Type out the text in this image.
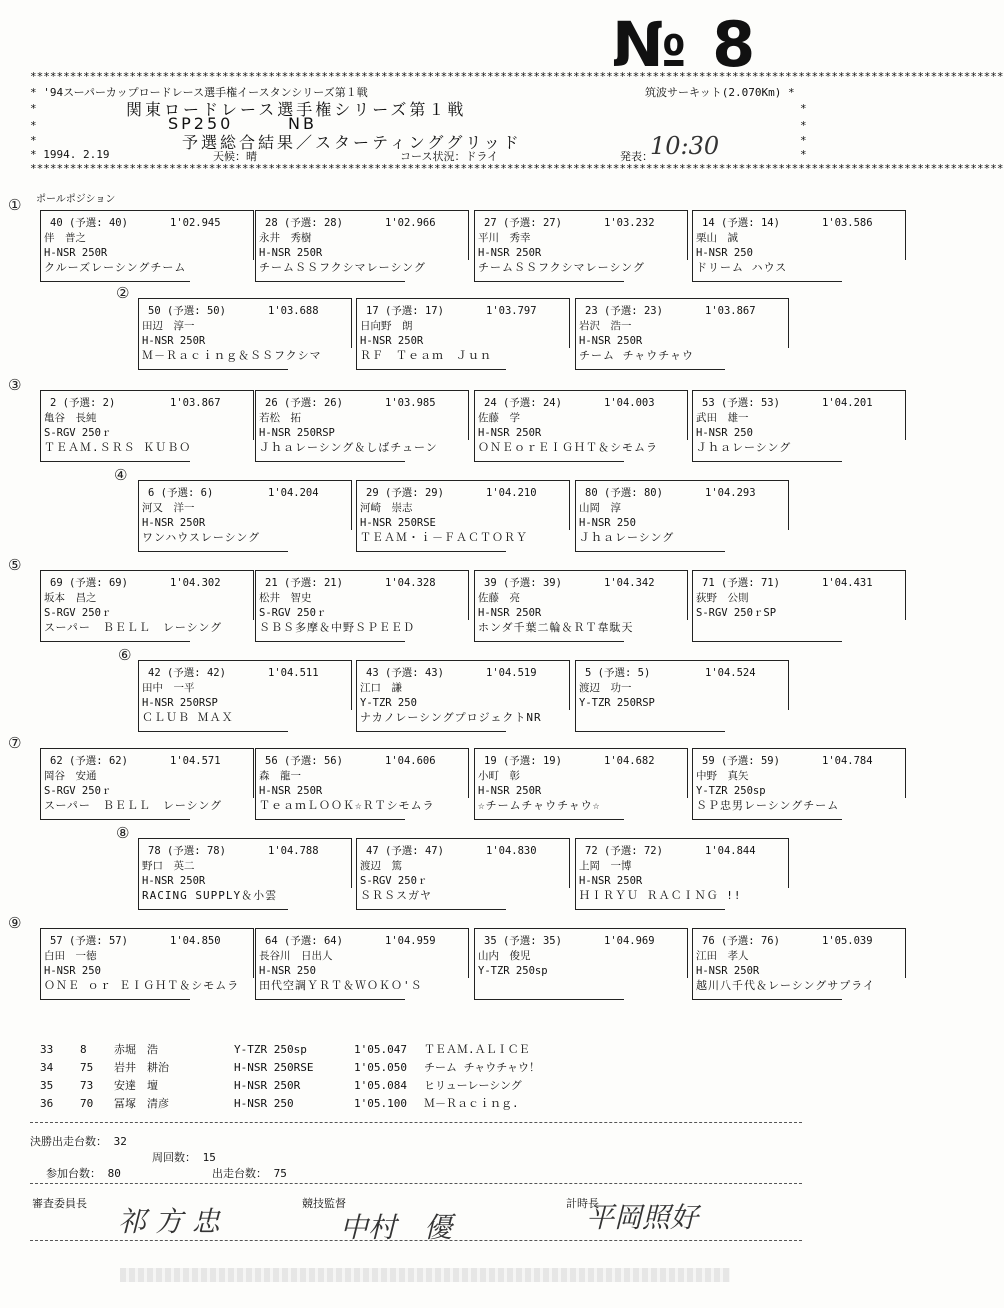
№ 8
***************************************************************************************************************************************************
* '94スーパーカップロードレース選手権イースタンシリーズ第１戦	筑波サーキット(2.070Km) *
関東ロードレース選手権シリーズ第１戦
*	*
SP250	NB
*	*
予選総合結果／スターティンググリッド
*	*
* 1994. 2.19	天候：晴	コース状況：ドライ	発表：
10:30	*
***************************************************************************************************************************************************
ポールポジション
①
40 (予選: 40)	1'02.945
伴　普之
H-NSR 250R
クルーズレーシングチーム
28 (予選: 28)	1'02.966
永井　秀樹
H-NSR 250R
チームＳＳフクシマレーシング
27 (予選: 27)	1'03.232
平川　秀幸
H-NSR 250R
チームＳＳフクシマレーシング
14 (予選: 14)	1'03.586
栗山　誠
H-NSR 250
ドリーム ハウス
②
50 (予選: 50)	1'03.688
田辺　淳一
H-NSR 250R
Ｍ－Ｒａｃｉｎｇ＆ＳＳフクシマ
17 (予選: 17)	1'03.797
日向野　朗
H-NSR 250R
ＲＦ　Ｔｅａｍ　Ｊｕｎ
23 (予選: 23)	1'03.867
岩沢　浩一
H-NSR 250R
チーム チャウチャウ
③
2 (予選: 2)	1'03.867
亀谷　長純
S-RGV 250ｒ
ＴＥＡＭ.ＳＲＳ ＫＵＢＯ
26 (予選: 26)	1'03.985
若松　拓
H-NSR 250RSP
Ｊｈａレーシング＆しばチューン
24 (予選: 24)	1'04.003
佐藤　学
H-NSR 250R
ＯＮＥｏｒＥＩＧＨＴ＆シモムラ
53 (予選: 53)	1'04.201
武田　雄一
H-NSR 250
Ｊｈａレーシング
④
6 (予選: 6)	1'04.204
河又　洋一
H-NSR 250R
ワンハウスレーシング
29 (予選: 29)	1'04.210
河崎　崇志
H-NSR 250RSE
ＴＥＡＭ・ｉ－ＦＡＣＴＯＲＹ
80 (予選: 80)	1'04.293
山岡　淳
H-NSR 250
Ｊｈａレーシング
⑤
69 (予選: 69)	1'04.302
坂本　昌之
S-RGV 250ｒ
スーパー　ＢＥＬＬ　レーシング
21 (予選: 21)	1'04.328
松井　智史
S-RGV 250ｒ
ＳＢＳ多摩＆中野ＳＰＥＥＤ
39 (予選: 39)	1'04.342
佐藤　亮
H-NSR 250R
ホンダ千葉二輪＆ＲＴ韋駄天
71 (予選: 71)	1'04.431
荻野　公則
S-RGV 250ｒSP
⑥
42 (予選: 42)	1'04.511
田中　一平
H-NSR 250RSP
ＣＬＵＢ ＭＡＸ
43 (予選: 43)	1'04.519
江口　謙
Y-TZR 250
ナカノレーシングプロジェクトNR
5 (予選: 5)	1'04.524
渡辺　功一
Y-TZR 250RSP
⑦
62 (予選: 62)	1'04.571
岡谷　安通
S-RGV 250ｒ
スーパー　ＢＥＬＬ　レーシング
56 (予選: 56)	1'04.606
森　龍一
H-NSR 250R
ＴｅａｍＬＯＯＫ☆ＲＴシモムラ
19 (予選: 19)	1'04.682
小町　彰
H-NSR 250R
☆チームチャウチャウ☆
59 (予選: 59)	1'04.784
中野　真矢
Y-TZR 250sp
ＳＰ忠男レーシングチーム
⑧
78 (予選: 78)	1'04.788
野口　英二
H-NSR 250R
RACING SUPPLY＆小雲
47 (予選: 47)	1'04.830
渡辺　篤
S-RGV 250ｒ
ＳＲＳスガヤ
72 (予選: 72)	1'04.844
上岡　一博
H-NSR 250R
ＨＩＲＹＵ ＲＡＣＩＮＧ !!
⑨
57 (予選: 57)	1'04.850
白田　一徳
H-NSR 250
ＯＮＥ ｏｒ ＥＩＧＨＴ＆シモムラ
64 (予選: 64)	1'04.959
長谷川　日出人
H-NSR 250
田代空調ＹＲＴ＆ＷＯＫＯ'Ｓ
35 (予選: 35)	1'04.969
山内　俊児
Y-TZR 250sp
76 (予選: 76)	1'05.039
江田　孝人
H-NSR 250R
越川八千代＆レーシングサプライ
33	8	赤堀　浩	Y-TZR 250sp	1'05.047	ＴＥＡＭ.ＡＬＩＣＥ
34	75	岩井　耕治	H-NSR 250RSE	1'05.050	チーム チャウチャウ！
35	73	安達　壇	H-NSR 250R	1'05.084	ヒリューレーシング
36	70	冨塚　清彦	H-NSR 250	1'05.100	Ｍ－Ｒａｃｉｎｇ.
決勝出走台数： 32
周回数： 15
参加台数： 80	出走台数： 75
審査委員長	競技監督	計時長
祁 方 忠	中村　優	平岡照好
